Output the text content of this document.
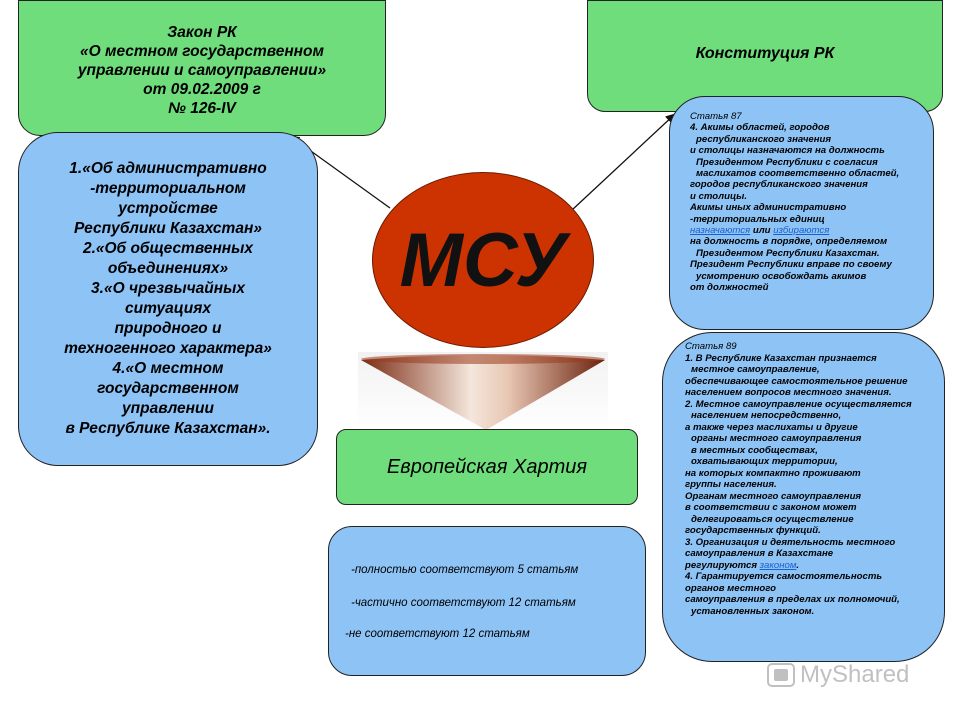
Закон РК
«О местном государственном
управлении и самоуправлении»
от 09.02.2009 г
№ 126-IV
Конституция РК
1.«Об административно
-территориальном
устройстве
Республики Казахстан»
2.«Об общественных
объединениях»
3.«О чрезвычайных
ситуациях
природного и
техногенного характера»
4.«О местном
государственном
управлении
в Республике Казахстан».
МСУ
Европейская Хартия
-полностью соответствуют 5 статьям
-частично соответствуют 12 статьям
-не соответствуют 12 статьям
Статья 87
4. Акимы областей, городов
республиканского значения
и столицы назначаются на должность
Президентом Республики с согласия
маслихатов соответственно областей,
городов республиканского значения
и столицы.
Акимы иных административно
-территориальных единиц
назначаются или избираются
на должность в порядке, определяемом
Президентом Республики Казахстан.
Президент Республики вправе по своему
усмотрению освобождать акимов
от должностей
Статья 89
1. В Республике Казахстан признается
местное самоуправление,
обеспечивающее самостоятельное решение
населением вопросов местного значения.
2. Местное самоуправление осуществляется
населением непосредственно,
а также через маслихаты и другие
органы местного самоуправления
в местных сообществах,
охватывающих территории,
на которых компактно проживают
группы населения.
Органам местного самоуправления
в соответствии с законом может
делегироваться осуществление
государственных функций.
3. Организация и деятельность местного
самоуправления в Казахстане
регулируются законом.
4. Гарантируется самостоятельность
органов местного
самоуправления в пределах их полномочий,
установленных законом.
MyShared
